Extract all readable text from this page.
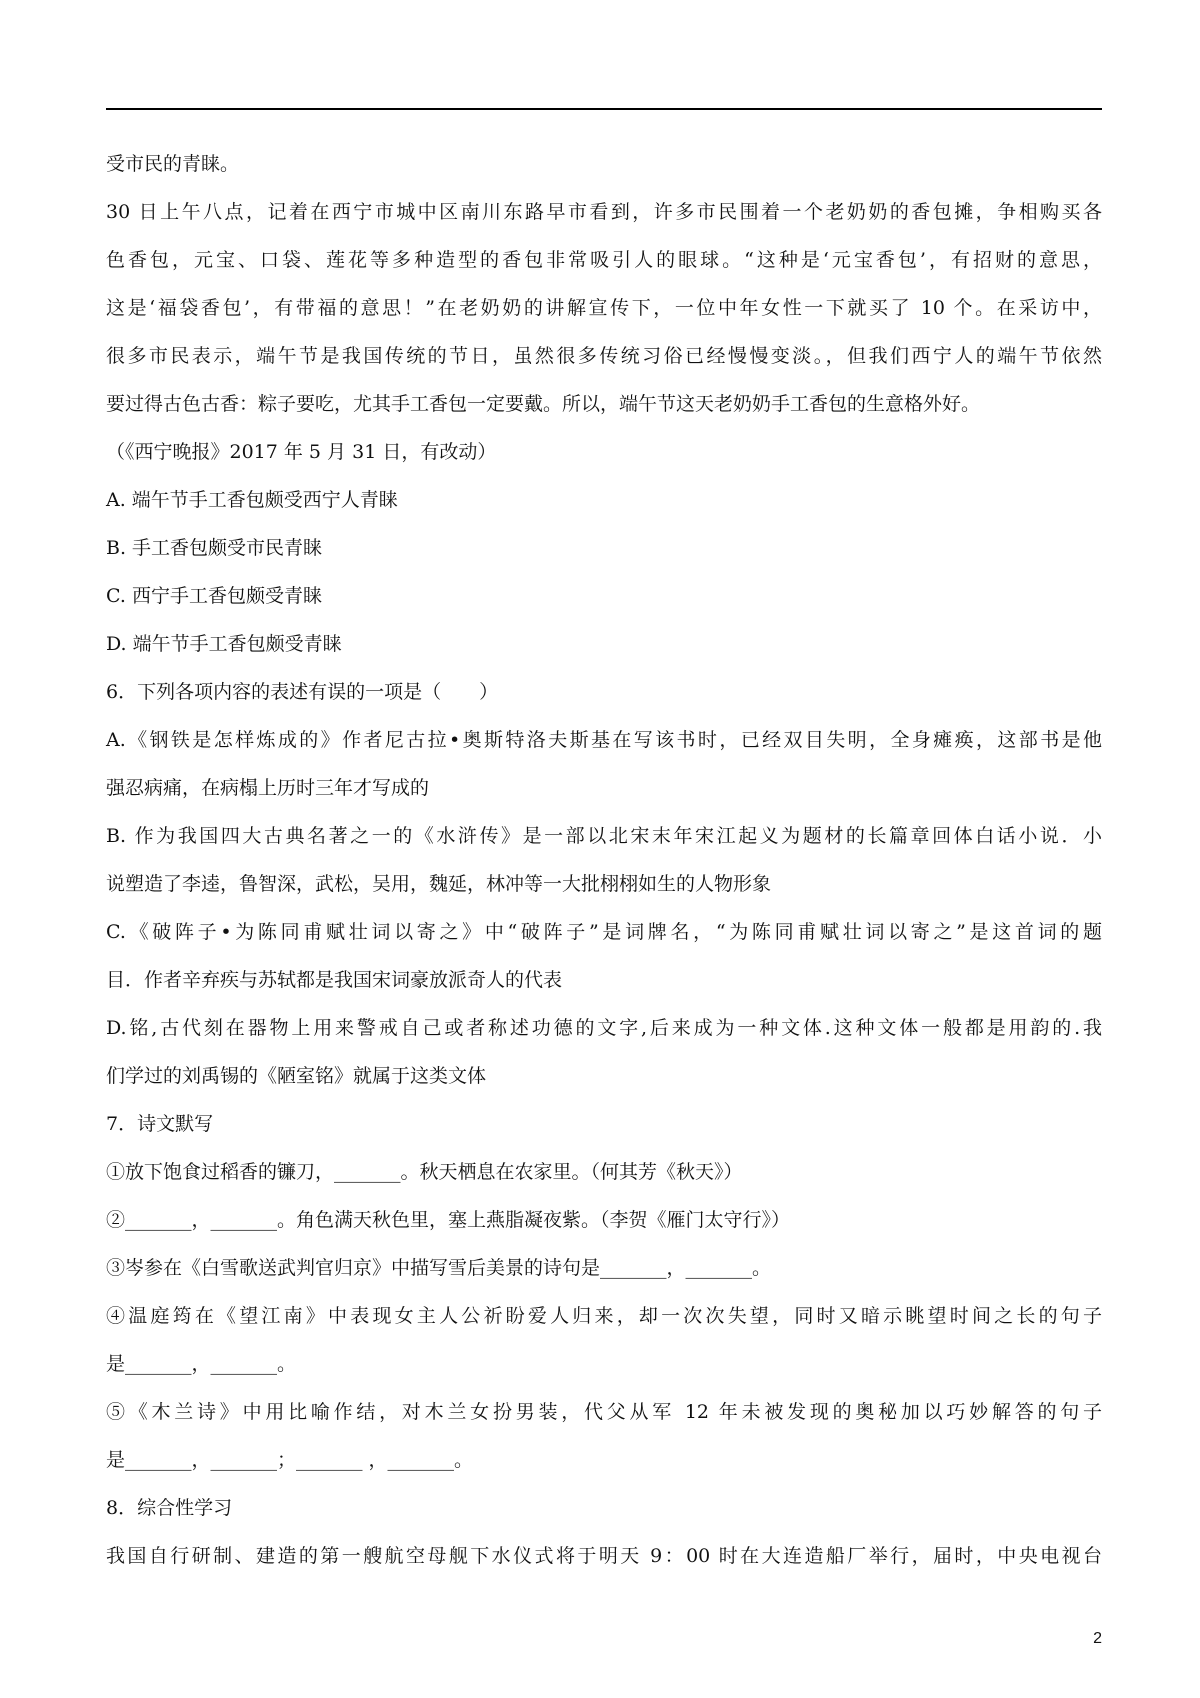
受市民的青睐。
30 日上午八点，记着在西宁市城中区南川东路早市看到，许多市民围着一个老奶奶的香包摊，争相购买各
色香包，元宝、口袋、莲花等多种造型的香包非常吸引人的眼球。“这种是‘元宝香包’，有招财的意思，
这是‘福袋香包’，有带福的意思！”在老奶奶的讲解宣传下，一位中年女性一下就买了 10 个。在采访中，
很多市民表示，端午节是我国传统的节日，虽然很多传统习俗已经慢慢变淡。，但我们西宁人的端午节依然
要过得古色古香：粽子要吃，尤其手工香包一定要戴。所以，端午节这天老奶奶手工香包的生意格外好。
（《西宁晚报》2017 年 5 月 31 日，有改动）
A. 端午节手工香包颇受西宁人青睐
B. 手工香包颇受市民青睐
C. 西宁手工香包颇受青睐
D. 端午节手工香包颇受青睐
6．下列各项内容的表述有误的一项是（　　）
A.《钢铁是怎样炼成的》作者尼古拉•奥斯特洛夫斯基在写该书时，已经双目失明，全身瘫痪，这部书是他
强忍病痛，在病榻上历时三年才写成的
B. 作为我国四大古典名著之一的《水浒传》是一部以北宋末年宋江起义为题材的长篇章回体白话小说．小
说塑造了李逵，鲁智深，武松，吴用，魏延，林冲等一大批栩栩如生的人物形象
C.《破阵子•为陈同甫赋壮词以寄之》中“破阵子”是词牌名，“为陈同甫赋壮词以寄之”是这首词的题
目．作者辛弃疾与苏轼都是我国宋词豪放派奇人的代表
D.铭,古代刻在器物上用来警戒自己或者称述功德的文字,后来成为一种文体.这种文体一般都是用韵的.我
们学过的刘禹锡的《陋室铭》就属于这类文体
7．诗文默写
①放下饱食过稻香的镰刀，_______。秋天栖息在农家里。（何其芳《秋天》）
②_______，_______。角色满天秋色里，塞上燕脂凝夜紫。（李贺《雁门太守行》）
③岑参在《白雪歌送武判官归京》中描写雪后美景的诗句是_______，_______。
④温庭筠在《望江南》中表现女主人公祈盼爱人归来，却一次次失望，同时又暗示眺望时间之长的句子
是_______，_______。
⑤《木兰诗》中用比喻作结，对木兰女扮男装，代父从军 12 年未被发现的奥秘加以巧妙解答的句子
是_______，_______；_______ ，_______。
8．综合性学习
我国自行研制、建造的第一艘航空母舰下水仪式将于明天 9：00 时在大连造船厂举行，届时，中央电视台
2
